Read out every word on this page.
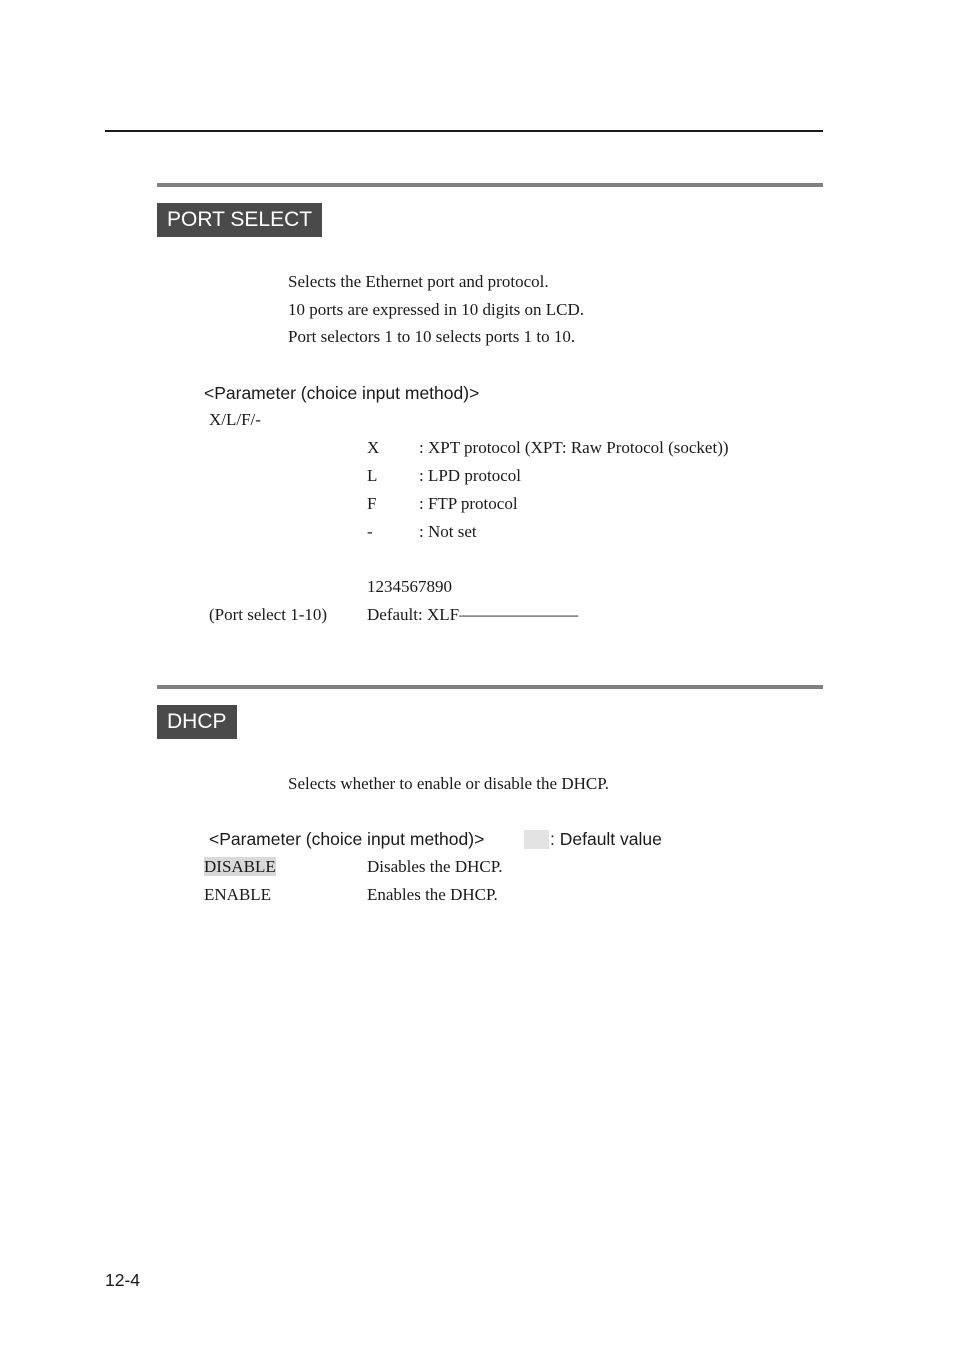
PORT SELECT
Selects the Ethernet port and protocol.
10 ports are expressed in 10 digits on LCD.
Port selectors 1 to 10 selects ports 1 to 10.
<Parameter (choice input method)>
X/L/F/-
X : XPT protocol (XPT: Raw Protocol (socket))
L : LPD protocol
F	: FTP protocol
-	: Not set
1234567890
(Port select 1-10) Default: XLF———————
DHCP
Selects whether to enable or disable the DHCP.
<Parameter (choice input method)>	: Default value
DISABLE	Disables the DHCP.
ENABLE	Enables the DHCP.
12-4
